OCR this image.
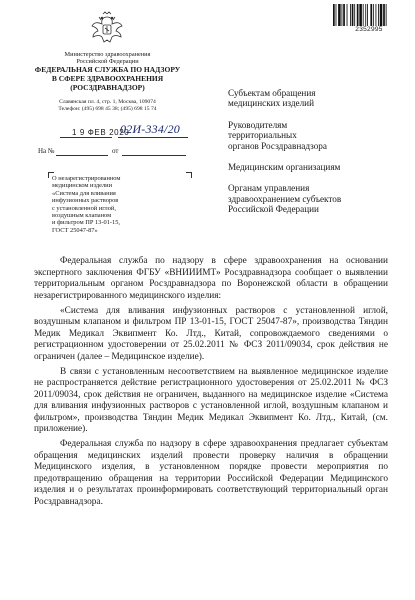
2352995
Министерство здравоохранения
Российской Федерации
ФЕДЕРАЛЬНАЯ СЛУЖБА ПО НАДЗОРУ
В СФЕРЕ ЗДРАВООХРАНЕНИЯ
(РОСЗДРАВНАДЗОР)
Славянская пл. 4, стр. 1, Москва, 109074
Телефон: (495) 698 45 38; (495) 698 15 74
1 9 ФЕВ 2020
02И-334/20
На №	от
О незарегистрированном
медицинском изделии
«Система для вливания
инфузионных растворов
с установленной иглой,
воздушным клапаном
и фильтром ПР 13-01-15,
ГОСТ 25047-87»
Субъектам обращения
медицинских изделий
Руководителям
территориальных
органов Росздравнадзора
Медицинским организациям
Органам управления
здравоохранением субъектов
Российской Федерации

Федеральная служба по надзору в сфере здравоохранения на основании экспертного заключения ФГБУ «ВНИИИМТ» Росздравнадзора сообщает о выявлении территориальным органом Росздравнадзора по Воронежской области в обращении незарегистрированного медицинского изделия:

«Система для вливания инфузионных растворов с установленной иглой, воздушным клапаном и фильтром ПР 13-01-15, ГОСТ 25047-87», производства Тяндин Медик Медикал Эквипмент Ко. Лтд., Китай, сопровождаемого сведениями о регистрационном удостоверении от 25.02.2011 № ФСЗ 2011/09034, срок действия не ограничен (далее – Медицинское изделие).

В связи с установленным несоответствием на выявленное медицинское изделие не распространяется действие регистрационного удостоверения от 25.02.2011 № ФСЗ 2011/09034, срок действия не ограничен, выданного на медицинское изделие «Система для вливания инфузионных растворов с установленной иглой, воздушным клапаном и фильтром», производства Тяндин Медик Медикал Эквипмент Ко. Лтд., Китай, (см. приложение).

Федеральная служба по надзору в сфере здравоохранения предлагает субъектам обращения медицинских изделий провести проверку наличия в обращении Медицинского изделия, в установленном порядке провести мероприятия по предотвращению обращения на территории Российской Федерации Медицинского изделия и о результатах проинформировать соответствующий территориальный орган Росздравнадзора.
